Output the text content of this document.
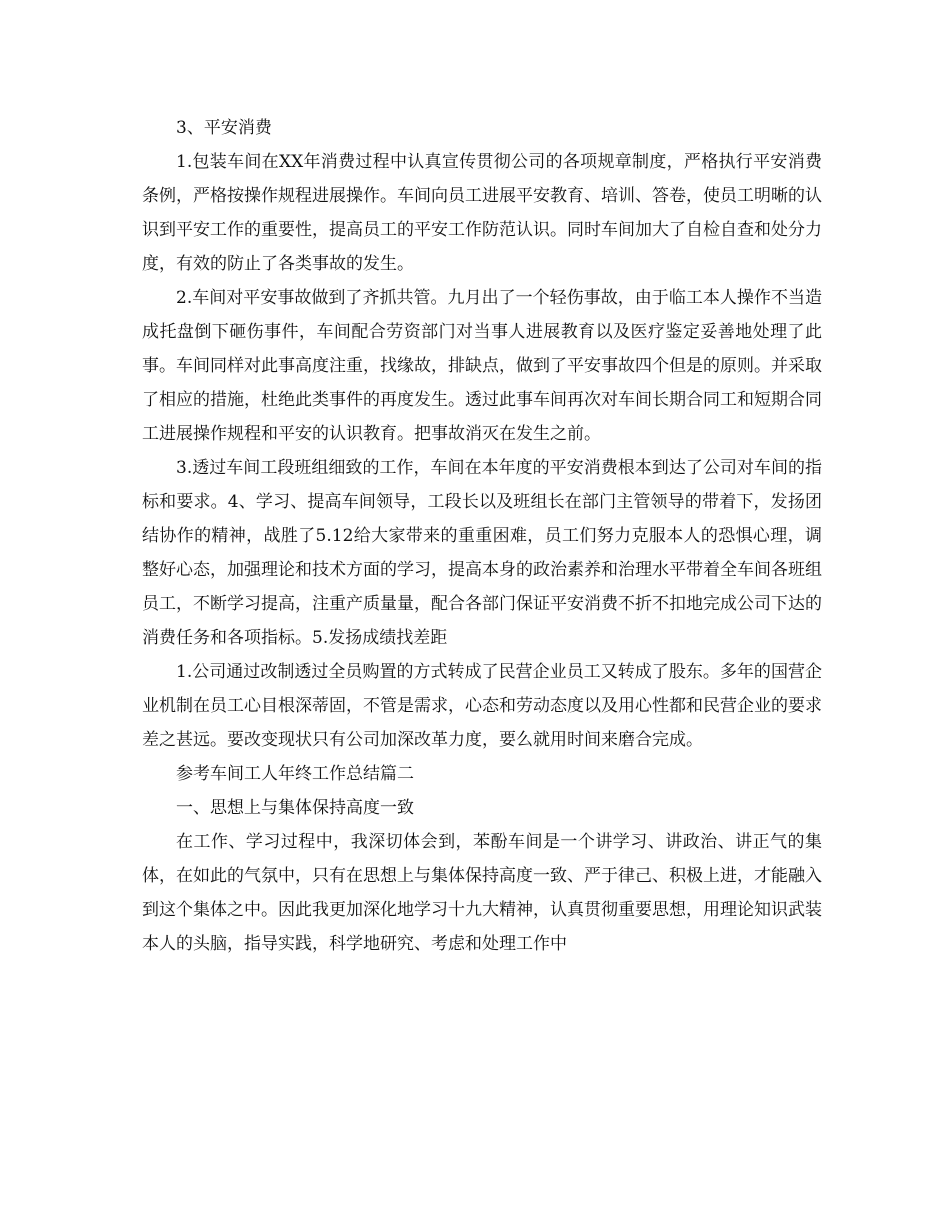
3、平安消费

1.包装车间在XX年消费过程中认真宣传贯彻公司的各项规章制度，严格执行平安消费条例，严格按操作规程进展操作。车间向员工进展平安教育、培训、答卷，使员工明晰的认识到平安工作的重要性，提高员工的平安工作防范认识。同时车间加大了自检自查和处分力度，有效的防止了各类事故的发生。

2.车间对平安事故做到了齐抓共管。九月出了一个轻伤事故，由于临工本人操作不当造成托盘倒下砸伤事件，车间配合劳资部门对当事人进展教育以及医疗鉴定妥善地处理了此事。车间同样对此事高度注重，找缘故，排缺点，做到了平安事故四个但是的原则。并采取了相应的措施，杜绝此类事件的再度发生。透过此事车间再次对车间长期合同工和短期合同工进展操作规程和平安的认识教育。把事故消灭在发生之前。

3.透过车间工段班组细致的工作，车间在本年度的平安消费根本到达了公司对车间的指标和要求。4、学习、提高车间领导，工段长以及班组长在部门主管领导的带着下，发扬团结协作的精神，战胜了5.12给大家带来的重重困难，员工们努力克服本人的恐惧心理，调整好心态，加强理论和技术方面的学习，提高本身的政治素养和治理水平带着全车间各班组员工，不断学习提高，注重产质量量，配合各部门保证平安消费不折不扣地完成公司下达的消费任务和各项指标。5.发扬成绩找差距

1.公司通过改制透过全员购置的方式转成了民营企业员工又转成了股东。多年的国营企业机制在员工心目根深蒂固，不管是需求，心态和劳动态度以及用心性都和民营企业的要求差之甚远。要改变现状只有公司加深改革力度，要么就用时间来磨合完成。

参考车间工人年终工作总结篇二

一、思想上与集体保持高度一致

在工作、学习过程中，我深切体会到，苯酚车间是一个讲学习、讲政治、讲正气的集体，在如此的气氛中，只有在思想上与集体保持高度一致、严于律己、积极上进，才能融入到这个集体之中。因此我更加深化地学习十九大精神，认真贯彻重要思想，用理论知识武装本人的头脑，指导实践，科学地研究、考虑和处理工作中
